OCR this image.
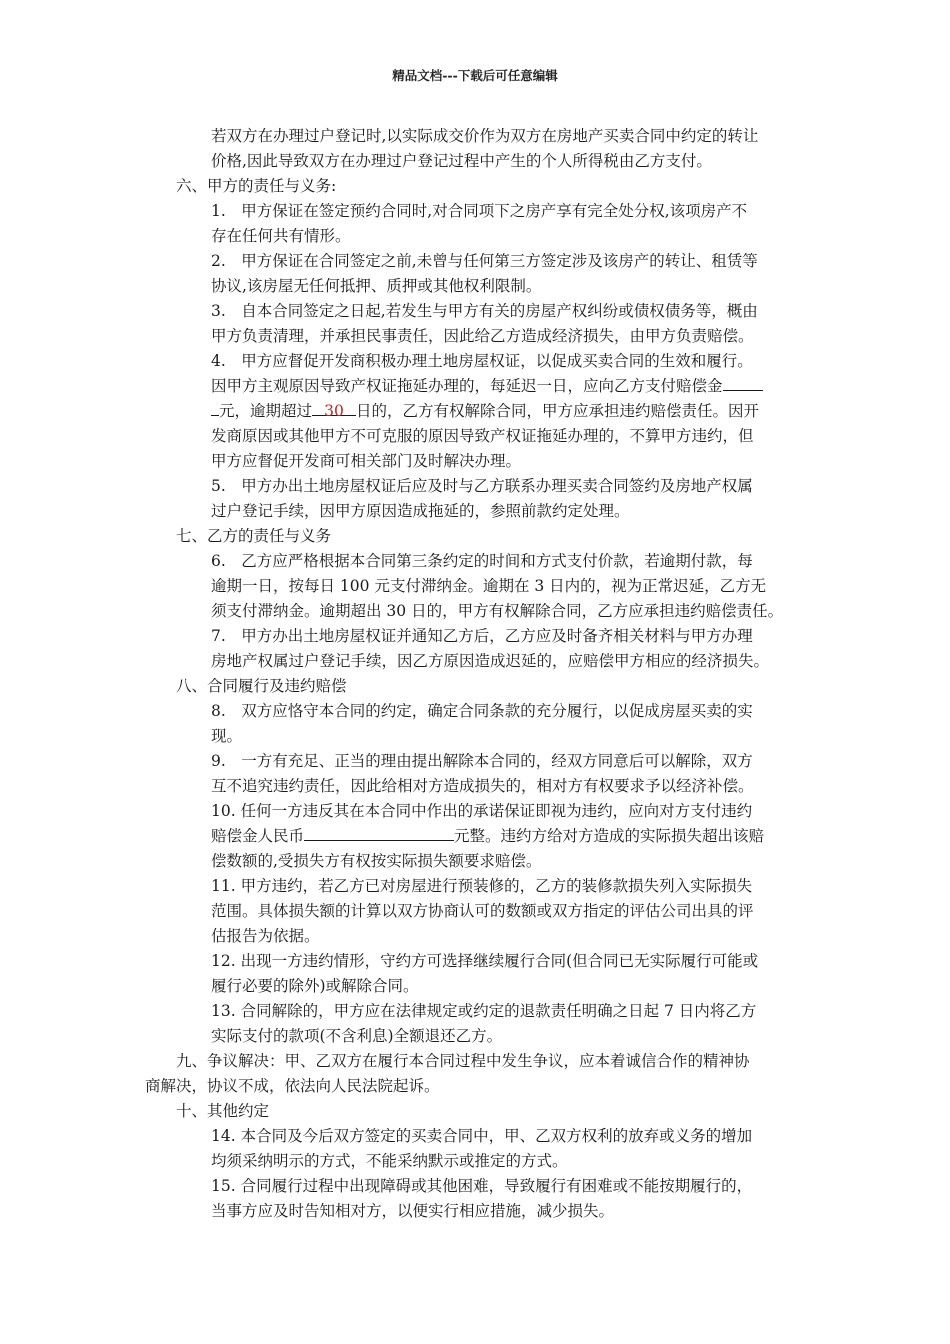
精品文档---下载后可任意编辑
若双方在办理过户登记时,以实际成交价作为双方在房地产买卖合同中约定的转让
价格,因此导致双方在办理过户登记过程中产生的个人所得税由乙方支付。
六、甲方的责任与义务:
1.　甲方保证在签定预约合同时,对合同项下之房产享有完全处分权,该项房产不
存在任何共有情形。
2.　甲方保证在合同签定之前,未曾与任何第三方签定涉及该房产的转让、租赁等
协议,该房屋无任何抵押、质押或其他权利限制。
3.　自本合同签定之日起,若发生与甲方有关的房屋产权纠纷或债权债务等，概由
甲方负责清理，并承担民事责任，因此给乙方造成经济损失，由甲方负责赔偿。
4.　甲方应督促开发商积极办理土地房屋权证，以促成买卖合同的生效和履行。
因甲方主观原因导致产权证拖延办理的，每延迟一日，应向乙方支付赔偿金
元，逾期超过 30 日的，乙方有权解除合同，甲方应承担违约赔偿责任。因开
发商原因或其他甲方不可克服的原因导致产权证拖延办理的，不算甲方违约，但
甲方应督促开发商可相关部门及时解决办理。
5.　甲方办出土地房屋权证后应及时与乙方联系办理买卖合同签约及房地产权属
过户登记手续，因甲方原因造成拖延的，参照前款约定处理。
七、乙方的责任与义务
6.　乙方应严格根据本合同第三条约定的时间和方式支付价款，若逾期付款，每
逾期一日，按每日 100 元支付滞纳金。逾期在 3 日内的，视为正常迟延，乙方无
须支付滞纳金。逾期超出 30 日的，甲方有权解除合同，乙方应承担违约赔偿责任。
7.　甲方办出土地房屋权证并通知乙方后，乙方应及时备齐相关材料与甲方办理
房地产权属过户登记手续，因乙方原因造成迟延的，应赔偿甲方相应的经济损失。
八、合同履行及违约赔偿
8.　双方应恪守本合同的约定，确定合同条款的充分履行，以促成房屋买卖的实
现。
9.　一方有充足、正当的理由提出解除本合同的，经双方同意后可以解除，双方
互不追究违约责任，因此给相对方造成损失的，相对方有权要求予以经济补偿。
10. 任何一方违反其在本合同中作出的承诺保证即视为违约，应向对方支付违约
赔偿金人民币	元整。违约方给对方造成的实际损失超出该赔
偿数额的,受损失方有权按实际损失额要求赔偿。
11. 甲方违约，若乙方已对房屋进行预装修的，乙方的装修款损失列入实际损失
范围。具体损失额的计算以双方协商认可的数额或双方指定的评估公司出具的评
估报告为依据。
12. 出现一方违约情形，守约方可选择继续履行合同(但合同已无实际履行可能或
履行必要的除外)或解除合同。
13. 合同解除的，甲方应在法律规定或约定的退款责任明确之日起 7 日内将乙方
实际支付的款项(不含利息)全额退还乙方。
九、争议解决：甲、乙双方在履行本合同过程中发生争议，应本着诚信合作的精神协
商解决，协议不成，依法向人民法院起诉。
十、其他约定
14. 本合同及今后双方签定的买卖合同中，甲、乙双方权利的放弃或义务的增加
均须采纳明示的方式，不能采纳默示或推定的方式。
15. 合同履行过程中出现障碍或其他困难，导致履行有困难或不能按期履行的，
当事方应及时告知相对方，以便实行相应措施，减少损失。
